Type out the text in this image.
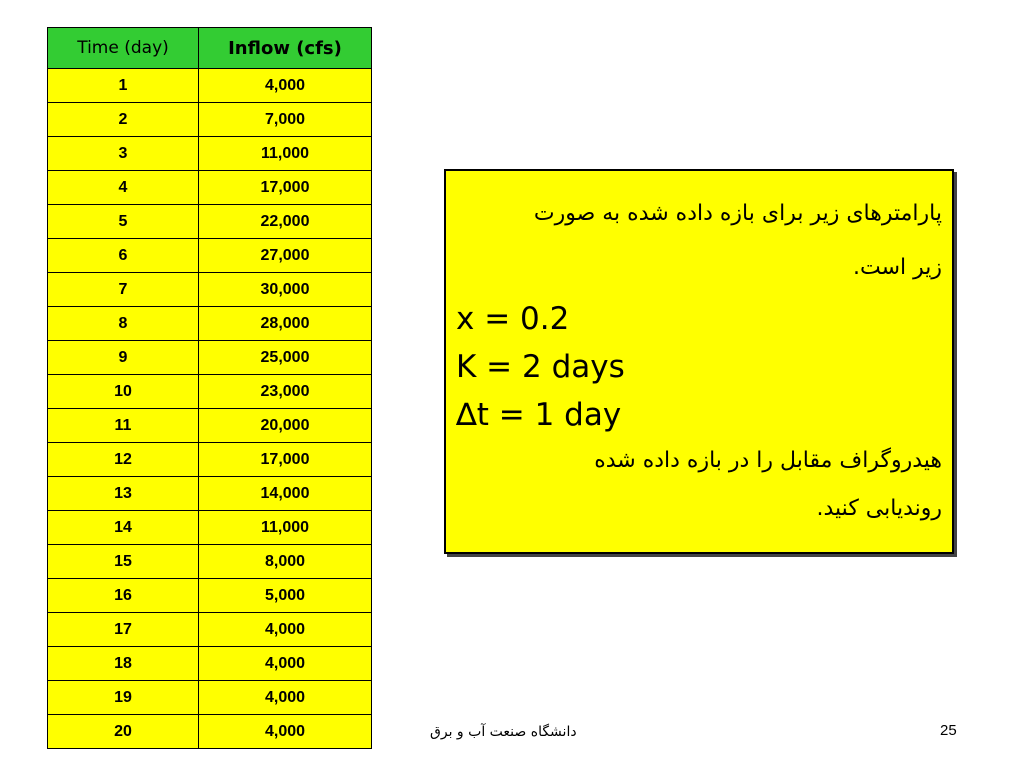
Time (day)	Inflow (cfs)
1	4,000
2	7,000
3	11,000
4	17,000
5	22,000
6	27,000
7	30,000
8	28,000
9	25,000
10	23,000
11	20,000
12	17,000
13	14,000
14	11,000
15	8,000
16	5,000
17	4,000
18	4,000
19	4,000
20	4,000
پارامترهای زیر برای بازه داده شده به صورت
زیر است.
x = 0.2
K = 2 days
∆t = 1 day
هیدروگراف مقابل را در بازه داده شده
روندیابی کنید.
دانشگاه صنعت آب و برق	25
